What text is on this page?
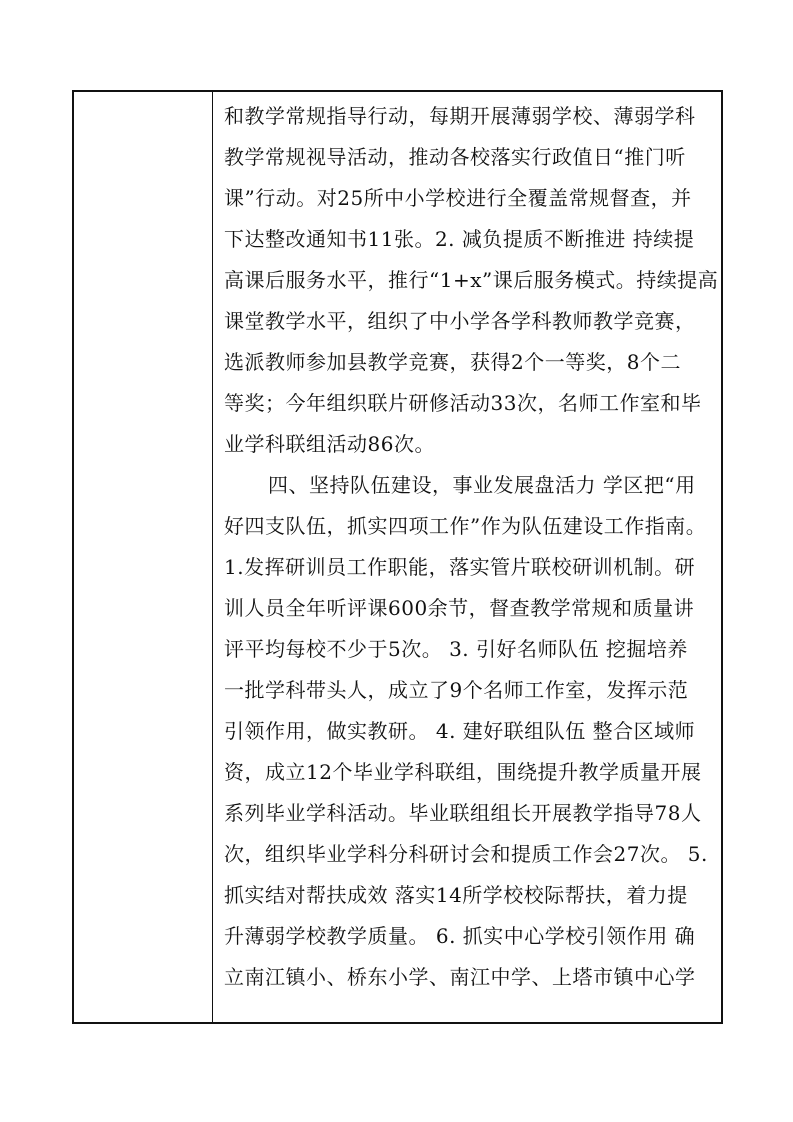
和教学常规指导行动，每期开展薄弱学校、薄弱学科
教学常规视导活动，推动各校落实行政值日“推门听
课”行动。对25所中小学校进行全覆盖常规督查，并
下达整改通知书11张。2. 减负提质不断推进 持续提
高课后服务水平，推行“1+x”课后服务模式。持续提高
课堂教学水平，组织了中小学各学科教师教学竞赛，
选派教师参加县教学竞赛，获得2个一等奖，8个二
等奖；今年组织联片研修活动33次，名师工作室和毕
业学科联组活动86次。
四、坚持队伍建设，事业发展盘活力 学区把“用
好四支队伍，抓实四项工作”作为队伍建设工作指南。
1.发挥研训员工作职能，落实管片联校研训机制。研
训人员全年听评课600余节，督查教学常规和质量讲
评平均每校不少于5次。 3. 引好名师队伍 挖掘培养
一批学科带头人，成立了9个名师工作室，发挥示范
引领作用，做实教研。 4. 建好联组队伍 整合区域师
资，成立12个毕业学科联组，围绕提升教学质量开展
系列毕业学科活动。毕业联组组长开展教学指导78人
次，组织毕业学科分科研讨会和提质工作会27次。 5.
抓实结对帮扶成效 落实14所学校校际帮扶，着力提
升薄弱学校教学质量。 6. 抓实中心学校引领作用 确
立南江镇小、桥东小学、南江中学、上塔市镇中心学
